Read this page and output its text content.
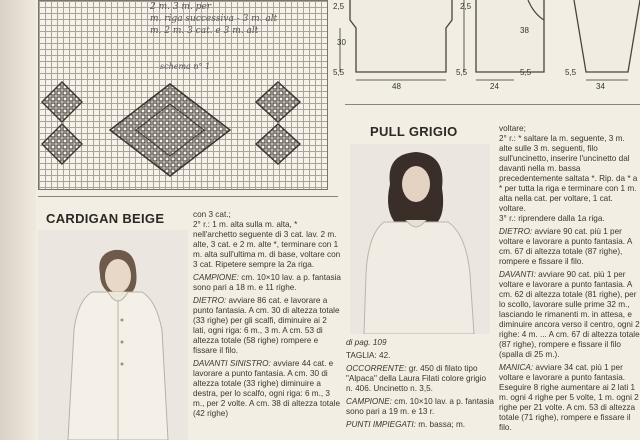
2 m. 3 m. per
m. riga successiva - 3 m. alt
m. 2 m. 3 cat. e 3 m. alt
schema n° 1
2,5
30
5,5
48
38
5,5	5,5
24
5,5
34
2,5
CARDIGAN BEIGE	con 3 cat.;
2° r.: 1 m. alta sulla m. alta, * nell'archetto seguente di 3 cat. lav. 2 m. alte, 3 cat. e 2 m. alte *, terminare con 1 m. alta sull'ultima m. di base, voltare con 3 cat. Ripetere sempre la 2a riga.
CAMPIONE: cm. 10×10 lav. a p. fantasia sono pari a 18 m. e 11 righe.
DIETRO: avviare 86 cat. e lavorare a punto fantasia. A cm. 30 di altezza totale (33 righe) per gli scalfi, diminuire ai 2 lati, ogni riga: 6 m., 3 m. A cm. 53 di altezza totale (58 righe) rompere e fissare il filo.
DAVANTI SINISTRO: avviare 44 cat. e lavorare a punto fantasia. A cm. 30 di altezza totale (33 righe) diminuire a destra, per lo scalfo, ogni riga: 6 m., 3 m., per 2 volte. A cm. 38 di altezza totale (42 righe)
PULL GRIGIO
di pag. 109
TAGLIA: 42.
OCCORRENTE: gr. 450 di filato tipo "Alpaca" della Laura Filati colore grigio n. 406. Uncinetto n. 3,5.
CAMPIONE: cm. 10×10 lav. a p. fantasia sono pari a 19 m. e 13 r.
PUNTI IMPIEGATI: m. bassa; m.
voltare;
2° r.: * saltare la m. seguente, 3 m. alte sulle 3 m. seguenti, filo sull'uncinetto, inserire l'uncinetto dal davanti nella m. bassa precedentemente saltata *. Rip. da * a * per tutta la riga e terminare con 1 m. alta nella cat. per voltare, 1 cat. voltare.
3° r.: riprendere dalla 1a riga.
DIETRO: avviare 90 cat. più 1 per voltare e lavorare a punto fantasia. A cm. 67 di altezza totale (87 righe), rompere e fissare il filo.
DAVANTI: avviare 90 cat. più 1 per voltare e lavorare a punto fantasia. A cm. 62 di altezza totale (81 righe), per lo scollo, lavorare sulle prime 32 m., lasciando le rimanenti m. in attesa, e diminuire ancora verso il centro, ogni 2 righe: 4 m. ... A cm. 67 di altezza totale (87 righe), rompere e fissare il filo (spalla di 25 m.).
MANICA: avviare 34 cat. più 1 per voltare e lavorare a punto fantasia. Eseguire 8 righe aumentare ai 2 lati 1 m. ogni 4 righe per 5 volte, 1 m. ogni 2 righe per 21 volte. A cm. 53 di altezza totale (71 righe), rompere e fissare il filo.
